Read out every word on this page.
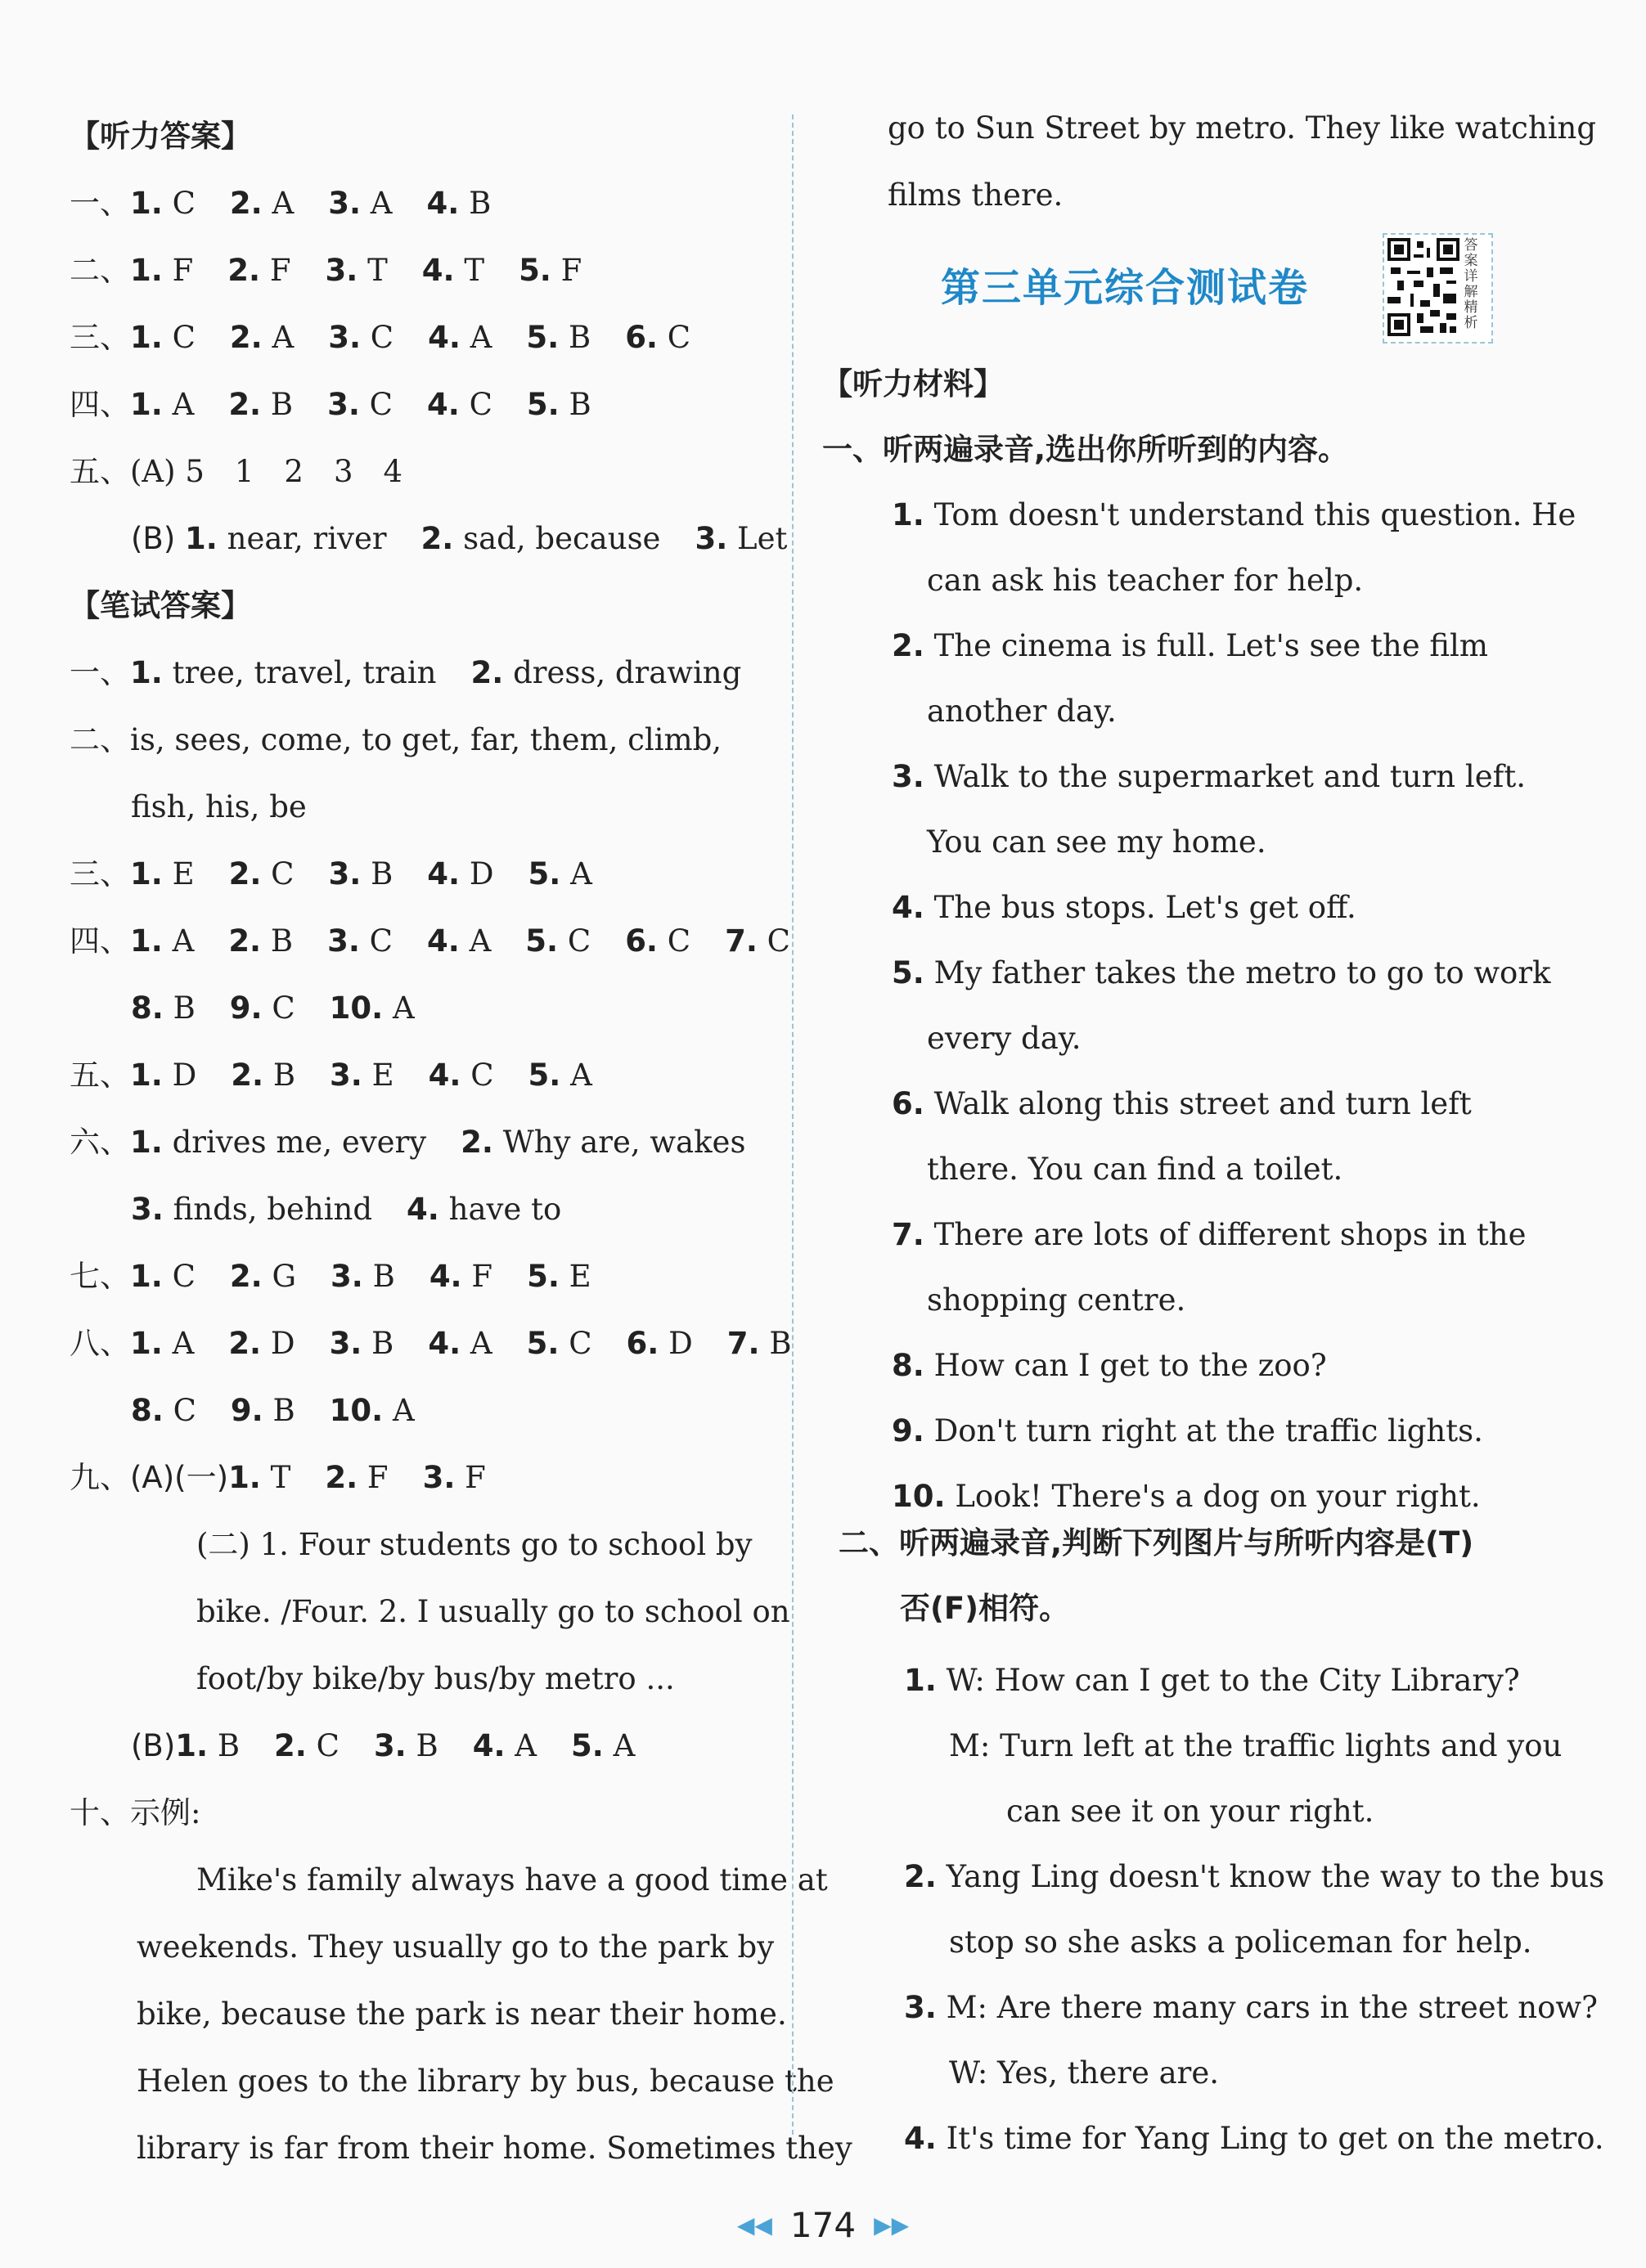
【听力答案】
一、1. C 2. A 3. A 4. B
二、1. F 2. F 3. T 4. T 5. F
三、1. C 2. A 3. C 4. A 5. B 6. C
四、1. A 2. B 3. C 4. C 5. B
五、(A) 5　1　2　3　4
(B) 1. near, river 2. sad, because 3. Let
【笔试答案】
一、1. tree, travel, train 2. dress, drawing
二、is, sees, come, to get, far, them, climb,
fish, his, be
三、1. E 2. C 3. B 4. D 5. A
四、1. A 2. B 3. C 4. A 5. C 6. C 7. C
8. B 9. C 10. A
五、1. D 2. B 3. E 4. C 5. A
六、1. drives me, every 2. Why are, wakes
3. finds, behind 4. have to
七、1. C 2. G 3. B 4. F 5. E
八、1. A 2. D 3. B 4. A 5. C 6. D 7. B
8. C 9. B 10. A
九、(A)(一)1. T 2. F 3. F
(二) 1. Four students go to school by
bike. /Four. 2. I usually go to school on
foot/by bike/by bus/by metro ...
(B)1. B 2. C 3. B 4. A 5. A
十、示例:
Mike's family always have a good time at
weekends. They usually go to the park by
bike, because the park is near their home.
Helen goes to the library by bus, because the
library is far from their home. Sometimes they
go to Sun Street by metro. They like watching
films there.
第三单元综合测试卷
答案详解精析
【听力材料】
一、听两遍录音,选出你所听到的内容。
1. Tom doesn't understand this question. He
can ask his teacher for help.
2. The cinema is full. Let's see the film
another day.
3. Walk to the supermarket and turn left.
You can see my home.
4. The bus stops. Let's get off.
5. My father takes the metro to go to work
every day.
6. Walk along this street and turn left
there. You can find a toilet.
7. There are lots of different shops in the
shopping centre.
8. How can I get to the zoo?
9. Don't turn right at the traffic lights.
10. Look! There's a dog on your right.
二、听两遍录音,判断下列图片与所听内容是(T)
否(F)相符。
1. W: How can I get to the City Library?
M: Turn left at the traffic lights and you
can see it on your right.
2. Yang Ling doesn't know the way to the bus
stop so she asks a policeman for help.
3. M: Are there many cars in the street now?
W: Yes, there are.
4. It's time for Yang Ling to get on the metro.
◀◀ 174 ▶▶
